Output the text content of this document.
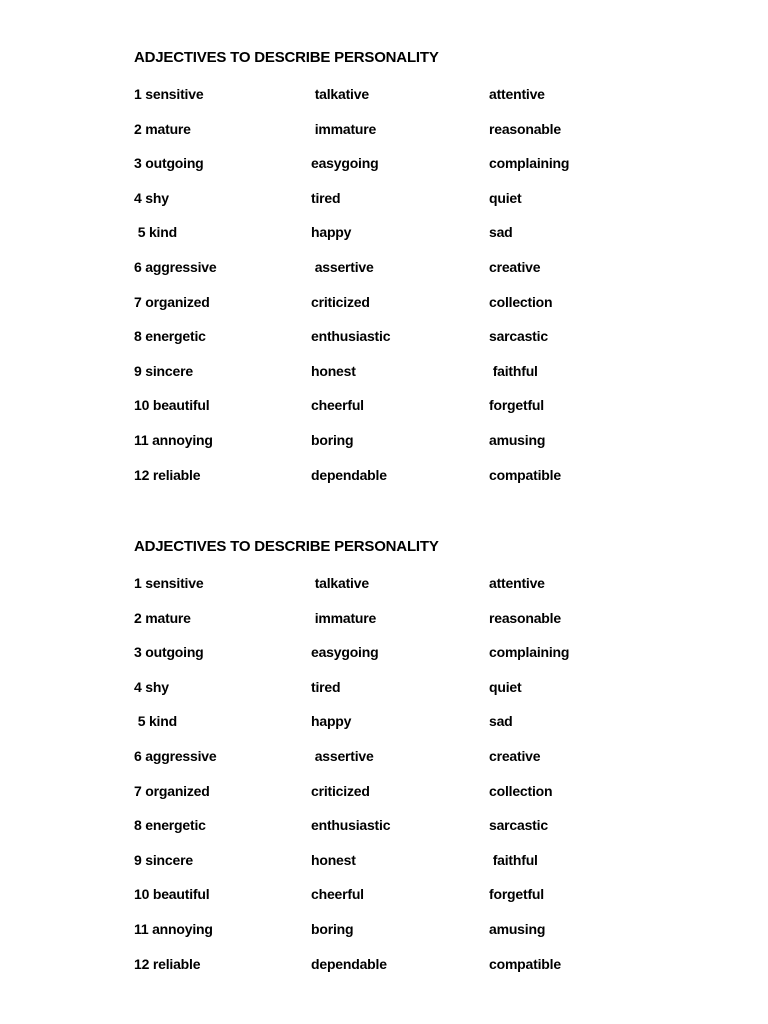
ADJECTIVES TO DESCRIBE PERSONALITY
1 sensitive	talkative	attentive
2 mature	immature	reasonable
3 outgoing	easygoing	complaining
4 shy	tired	quiet
5 kind	happy	sad
6 aggressive	assertive	creative
7 organized	criticized	collection
8 energetic	enthusiastic	sarcastic
9 sincere	honest	faithful
10 beautiful	cheerful	forgetful
11 annoying	boring	amusing
12 reliable	dependable	compatible
ADJECTIVES TO DESCRIBE PERSONALITY
1 sensitive	talkative	attentive
2 mature	immature	reasonable
3 outgoing	easygoing	complaining
4 shy	tired	quiet
5 kind	happy	sad
6 aggressive	assertive	creative
7 organized	criticized	collection
8 energetic	enthusiastic	sarcastic
9 sincere	honest	faithful
10 beautiful	cheerful	forgetful
11 annoying	boring	amusing
12 reliable	dependable	compatible
